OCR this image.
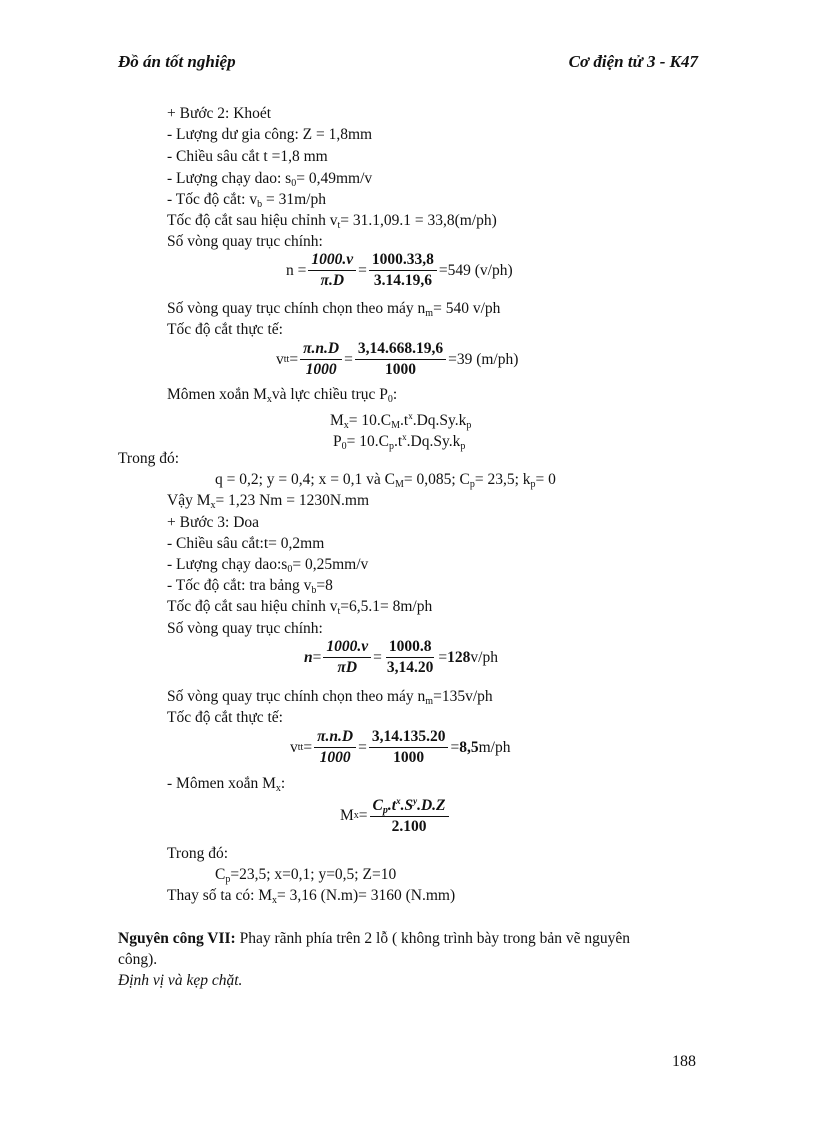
Đồ án tốt nghiệp	Cơ điện tử 3 - K47
+ Bước 2: Khoét
- Lượng dư gia công: Z = 1,8mm
- Chiều sâu cắt t =1,8 mm
- Lượng chạy dao: $s_0= 0,49mm/v$
- Tốc độ cắt: $v_b = 31m/ph$
Tốc độ cắt sau hiệu chỉnh $v_t= 31.1,09.1 = 33,8(m/ph)$
Số vòng quay trục chính:
$n = \frac{1000.v}{\pi.D} = \frac{1000.33,8}{3.14.19,6} =549$ (v/ph)
Số vòng quay trục chính chọn theo máy $n_m= 540$ v/ph
Tốc độ cắt thực tế:
v tt = $\frac{\pi.n.D}{1000} = \frac{3,14.668.19,6}{1000} =39$ (m/ph)
Mômen xoắn $M_xvà$ lực chiều trục $P_0$:
$M_x= 10.C_M.t^x.Dq.Sy.k_p$
$P_0= 10.C_p.t^x.Dq.Sy.k_p$
Trong đó:
q = 0,2; y = 0,4; x = 0,1 và $C_M= 0,085$; $C_p= 23,5$; $k_p= 0$
Vậy $M_x= 1,23$ Nm = 1230N.mm
+ Bước 3: Doa
- Chiều sâu cắt:t= 0,2mm
- Lượng chạy $dao:s_0= 0,25mm/v$
- Tốc độ cắt: tra bảng $v_b=8$
Tốc độ cắt sau hiệu chỉnh $v_t=6,5.1= 8m/ph$
Số vòng quay trục chính:
$n = \frac{1000.v}{\pi D} = \frac{1000.8}{3,14.20} = 128$ v/ph
Số vòng quay trục chính chọn theo máy $n_m=135v/ph$
Tốc độ cắt thực tế:
v tt = $\frac{\pi.n.D}{1000} = \frac{3,14.135.20}{1000} = 8,5$ m/ph
- Mômen xoắn $M_x$:
M $x = \frac{C_p.t^x.S^y.D.Z}{2.100}$
Trong đó:
$C_p=23,5$; x=0,1; y=0,5; Z=10
Thay số ta có: $M_x= 3,16$ (N.m)= 3160 (N.mm)
Nguyên công VII: Phay rãnh phía trên 2 lỗ ( không trình bày trong bản vẽ nguyên
công).
Định vị và kẹp chặt.
188
